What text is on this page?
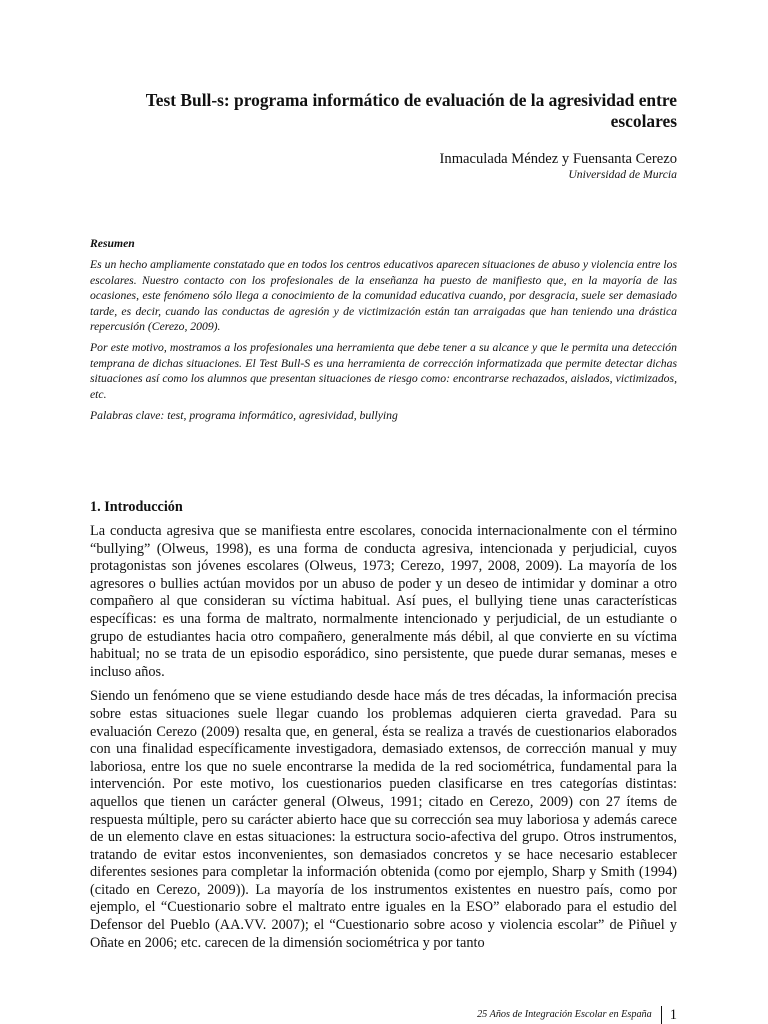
Test Bull-s: programa informático de evaluación de la agresividad entre escolares
Inmaculada Méndez y Fuensanta Cerezo
Universidad de Murcia
Resumen

Es un hecho ampliamente constatado que en todos los centros educativos aparecen situaciones de abuso y violencia entre los escolares. Nuestro contacto con los profesionales de la enseñanza ha puesto de manifiesto que, en la mayoría de las ocasiones, este fenómeno sólo llega a conocimiento de la comunidad educativa cuando, por desgracia, suele ser demasiado tarde, es decir, cuando las conductas de agresión y de victimización están tan arraigadas que han teniendo una drástica repercusión (Cerezo, 2009).

Por este motivo, mostramos a los profesionales una herramienta que debe tener a su alcance y que le permita una detección temprana de dichas situaciones. El Test Bull-S es una herramienta de corrección informatizada que permite detectar dichas situaciones así como los alumnos que presentan situaciones de riesgo como: encontrarse rechazados, aislados, victimizados, etc.

Palabras clave: test, programa informático, agresividad, bullying

1. Introducción

La conducta agresiva que se manifiesta entre escolares, conocida internacionalmente con el término “bullying” (Olweus, 1998), es una forma de conducta agresiva, intencionada y perjudicial, cuyos protagonistas son jóvenes escolares (Olweus, 1973; Cerezo, 1997, 2008, 2009). La mayoría de los agresores o bullies actúan movidos por un abuso de poder y un deseo de intimidar y dominar a otro compañero al que consideran su víctima habitual. Así pues, el bullying tiene unas características específicas: es una forma de maltrato, normalmente intencionado y perjudicial, de un estudiante o grupo de estudiantes hacia otro compañero, generalmente más débil, al que convierte en su víctima habitual; no se trata de un episodio esporádico, sino persistente, que puede durar semanas, meses e incluso años.

Siendo un fenómeno que se viene estudiando desde hace más de tres décadas, la información precisa sobre estas situaciones suele llegar cuando los problemas adquieren cierta gravedad. Para su evaluación Cerezo (2009) resalta que, en general, ésta se realiza a través de cuestionarios elaborados con una finalidad específicamente investigadora, demasiado extensos, de corrección manual y muy laboriosa, entre los que no suele encontrarse la medida de la red sociométrica, fundamental para la intervención. Por este motivo, los cuestionarios pueden clasificarse en tres categorías distintas: aquellos que tienen un carácter general (Olweus, 1991; citado en Cerezo, 2009) con 27 ítems de respuesta múltiple, pero su carácter abierto hace que su corrección sea muy laboriosa y además carece de un elemento clave en estas situaciones: la estructura socio-afectiva del grupo. Otros instrumentos, tratando de evitar estos inconvenientes, son demasiados concretos y se hace necesario establecer diferentes sesiones para completar la información obtenida (como por ejemplo, Sharp y Smith (1994) (citado en Cerezo, 2009)). La mayoría de los instrumentos existentes en nuestro país, como por ejemplo, el “Cuestionario sobre el maltrato entre iguales en la ESO” elaborado para el estudio del Defensor del Pueblo (AA.VV. 2007); el “Cuestionario sobre acoso y violencia escolar” de Piñuel y Oñate en 2006; etc. carecen de la dimensión sociométrica y por tanto

25 Años de Integración Escolar en España 1
